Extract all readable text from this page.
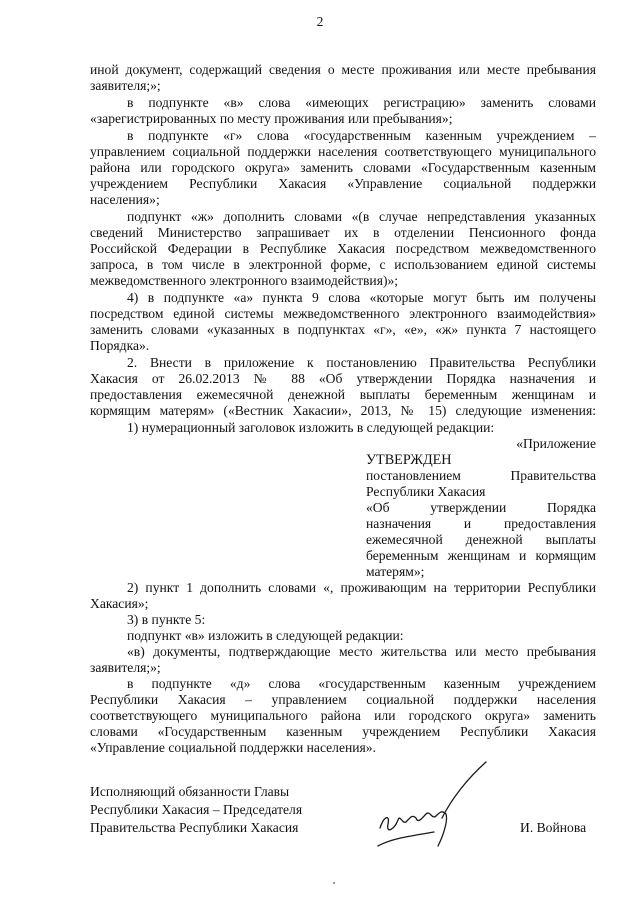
2
иной документ, содержащий сведения о месте проживания или месте пребывания
заявителя;»;
в подпункте «в» слова «имеющих регистрацию» заменить словами
«зарегистрированных по месту проживания или пребывания»;
в подпункте «г» слова «государственным казенным учреждением –
управлением социальной поддержки населения соответствующего муниципального
района или городского округа» заменить словами «Государственным казенным
учреждением Республики Хакасия «Управление социальной поддержки
населения»;
подпункт «ж» дополнить словами «(в случае непредставления указанных
сведений Министерство запрашивает их в отделении Пенсионного фонда
Российской Федерации в Республике Хакасия посредством межведомственного
запроса, в том числе в электронной форме, с использованием единой системы
межведомственного электронного взаимодействия)»;
4) в подпункте «а» пункта 9 слова «которые могут быть им получены
посредством единой системы межведомственного электронного взаимодействия»
заменить словами «указанных в подпунктах «г», «е», «ж» пункта 7 настоящего
Порядка».
2. Внести в приложение к постановлению Правительства Республики
Хакасия от 26.02.2013 № 88 «Об утверждении Порядка назначения и
предоставления ежемесячной денежной выплаты беременным женщинам и
кормящим матерям» («Вестник Хакасии», 2013, № 15) следующие изменения:
1) нумерационный заголовок изложить в следующей редакции:
«Приложение
УТВЕРЖДЕН
постановлением Правительства
Республики Хакасия
«Об утверждении Порядка
назначения и предоставления
ежемесячной денежной выплаты
беременным женщинам и кормящим
матерям»;
2) пункт 1 дополнить словами «, проживающим на территории Республики
Хакасия»;
3) в пункте 5:
подпункт «в» изложить в следующей редакции:
«в) документы, подтверждающие место жительства или место пребывания
заявителя;»;
в подпункте «д» слова «государственным казенным учреждением
Республики Хакасия – управлением социальной поддержки населения
соответствующего муниципального района или городского округа» заменить
словами «Государственным казенным учреждением Республики Хакасия
«Управление социальной поддержки населения».
Исполняющий обязанности Главы
Республики Хакасия – Председателя
Правительства Республики Хакасия	И. Войнова
